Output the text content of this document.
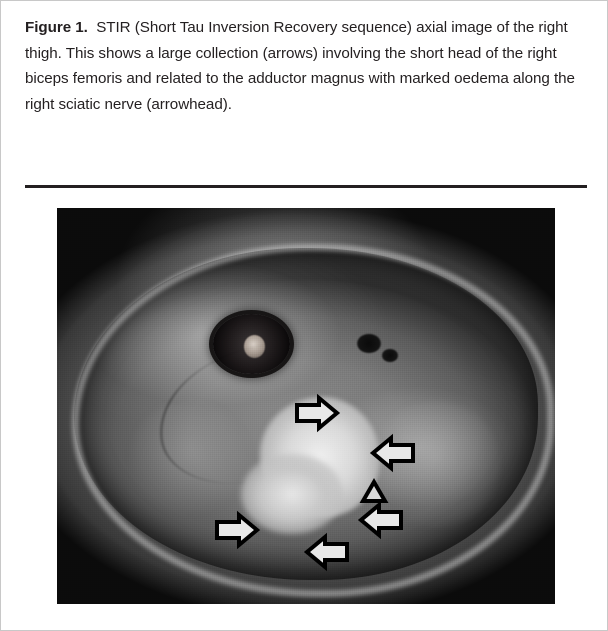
Figure 1. STIR (Short Tau Inversion Recovery sequence) axial image of the right thigh. This shows a large collection (arrows) involving the short head of the right biceps femoris and related to the adductor magnus with marked oedema along the right sciatic nerve (arrowhead).
